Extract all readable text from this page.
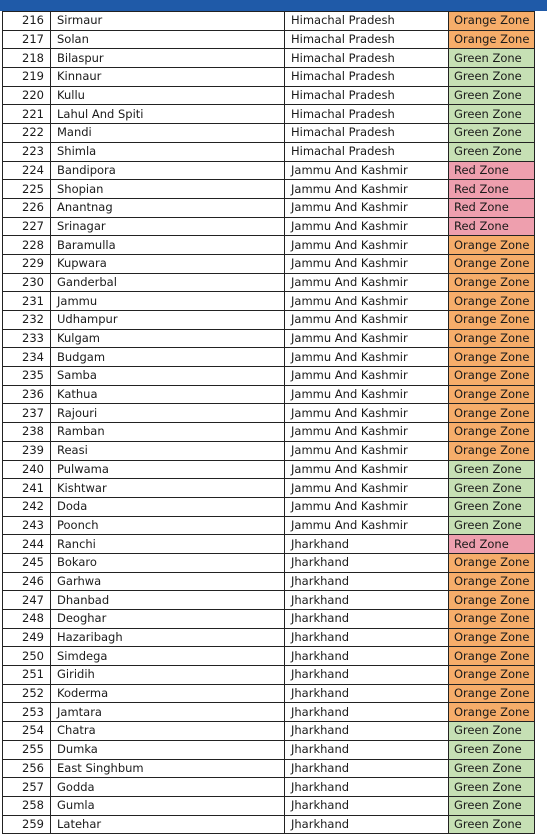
216	Sirmaur	Himachal Pradesh	Orange Zone
217	Solan	Himachal Pradesh	Orange Zone
218	Bilaspur	Himachal Pradesh	Green Zone
219	Kinnaur	Himachal Pradesh	Green Zone
220	Kullu	Himachal Pradesh	Green Zone
221	Lahul And Spiti	Himachal Pradesh	Green Zone
222	Mandi	Himachal Pradesh	Green Zone
223	Shimla	Himachal Pradesh	Green Zone
224	Bandipora	Jammu And Kashmir	Red Zone
225	Shopian	Jammu And Kashmir	Red Zone
226	Anantnag	Jammu And Kashmir	Red Zone
227	Srinagar	Jammu And Kashmir	Red Zone
228	Baramulla	Jammu And Kashmir	Orange Zone
229	Kupwara	Jammu And Kashmir	Orange Zone
230	Ganderbal	Jammu And Kashmir	Orange Zone
231	Jammu	Jammu And Kashmir	Orange Zone
232	Udhampur	Jammu And Kashmir	Orange Zone
233	Kulgam	Jammu And Kashmir	Orange Zone
234	Budgam	Jammu And Kashmir	Orange Zone
235	Samba	Jammu And Kashmir	Orange Zone
236	Kathua	Jammu And Kashmir	Orange Zone
237	Rajouri	Jammu And Kashmir	Orange Zone
238	Ramban	Jammu And Kashmir	Orange Zone
239	Reasi	Jammu And Kashmir	Orange Zone
240	Pulwama	Jammu And Kashmir	Green Zone
241	Kishtwar	Jammu And Kashmir	Green Zone
242	Doda	Jammu And Kashmir	Green Zone
243	Poonch	Jammu And Kashmir	Green Zone
244	Ranchi	Jharkhand	Red Zone
245	Bokaro	Jharkhand	Orange Zone
246	Garhwa	Jharkhand	Orange Zone
247	Dhanbad	Jharkhand	Orange Zone
248	Deoghar	Jharkhand	Orange Zone
249	Hazaribagh	Jharkhand	Orange Zone
250	Simdega	Jharkhand	Orange Zone
251	Giridih	Jharkhand	Orange Zone
252	Koderma	Jharkhand	Orange Zone
253	Jamtara	Jharkhand	Orange Zone
254	Chatra	Jharkhand	Green Zone
255	Dumka	Jharkhand	Green Zone
256	East Singhbum	Jharkhand	Green Zone
257	Godda	Jharkhand	Green Zone
258	Gumla	Jharkhand	Green Zone
259	Latehar	Jharkhand	Green Zone
